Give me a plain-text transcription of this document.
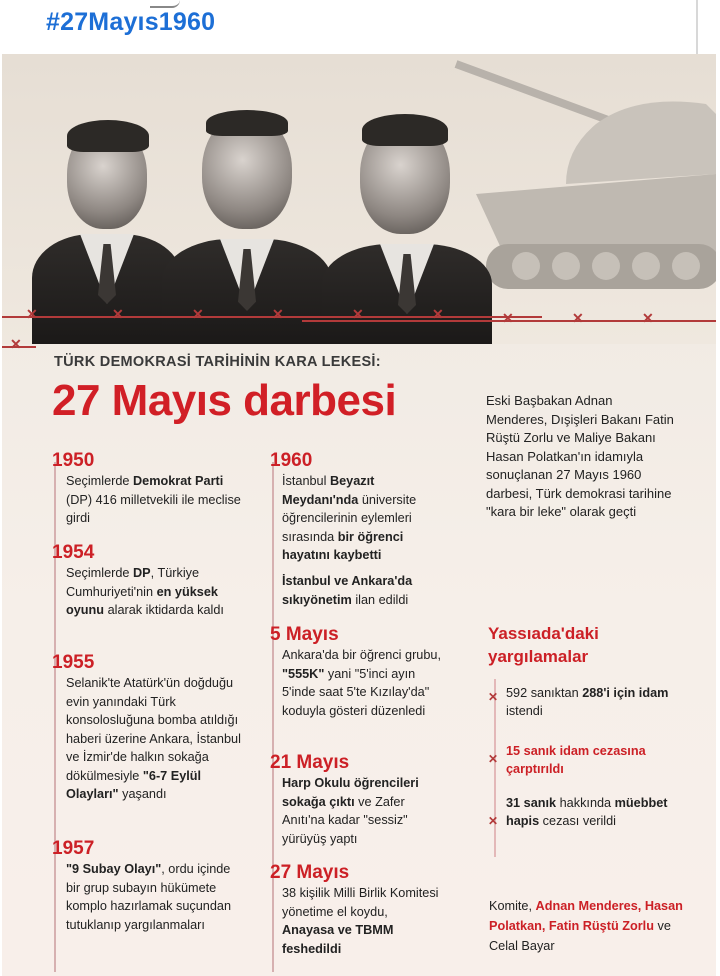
#27Mayıs1960
✕	✕	✕	✕	✕	✕	✕	✕	✕
✕
TÜRK DEMOKRASİ TARİHİNİN KARA LEKESİ:
27 Mayıs darbesi	Eski Başbakan Adnan Menderes, Dışişleri Bakanı Fatin Rüştü Zorlu ve Maliye Bakanı Hasan Polatkan'ın idamıyla sonuçlanan 27 Mayıs 1960 darbesi, Türk demokrasi tarihine "kara bir leke" olarak geçti
1950
Seçimlerde Demokrat Parti (DP) 416 milletvekili ile meclise girdi
1954
Seçimlerde DP, Türkiye Cumhuriyeti'nin en yüksek oyunu alarak iktidarda kaldı
1955
Selanik'te Atatürk'ün doğduğu evin yanındaki Türk konsolosluğuna bomba atıldığı haberi üzerine Ankara, İstanbul ve İzmir'de halkın sokağa dökülmesiyle "6-7 Eylül Olayları" yaşandı
1957
"9 Subay Olayı", ordu içinde bir grup subayın hükümete komplo hazırlamak suçundan tutuklanıp yargılanmaları
1960
İstanbul Beyazıt Meydanı'nda üniversite öğrencilerinin eylemleri sırasında bir öğrenci hayatını kaybetti
İstanbul ve Ankara'da sıkıyönetim ilan edildi
5 Mayıs
Ankara'da bir öğrenci grubu, "555K" yani "5'inci ayın 5'inde saat 5'te Kızılay'da" koduyla gösteri düzenledi
21 Mayıs
Harp Okulu öğrencileri sokağa çıktı ve Zafer Anıtı'na kadar "sessiz" yürüyüş yaptı
27 Mayıs
38 kişilik Milli Birlik Komitesi yönetime el koydu, Anayasa ve TBMM feshedildi
Yassıada'daki
yargılamalar
✕
✕
✕
592 sanıktan 288'i için idam istendi
15 sanık idam cezasına çarptırıldı
31 sanık hakkında müebbet hapis cezası verildi
Komite, Adnan Menderes, Hasan Polatkan, Fatin Rüştü Zorlu ve Celal Bayar
